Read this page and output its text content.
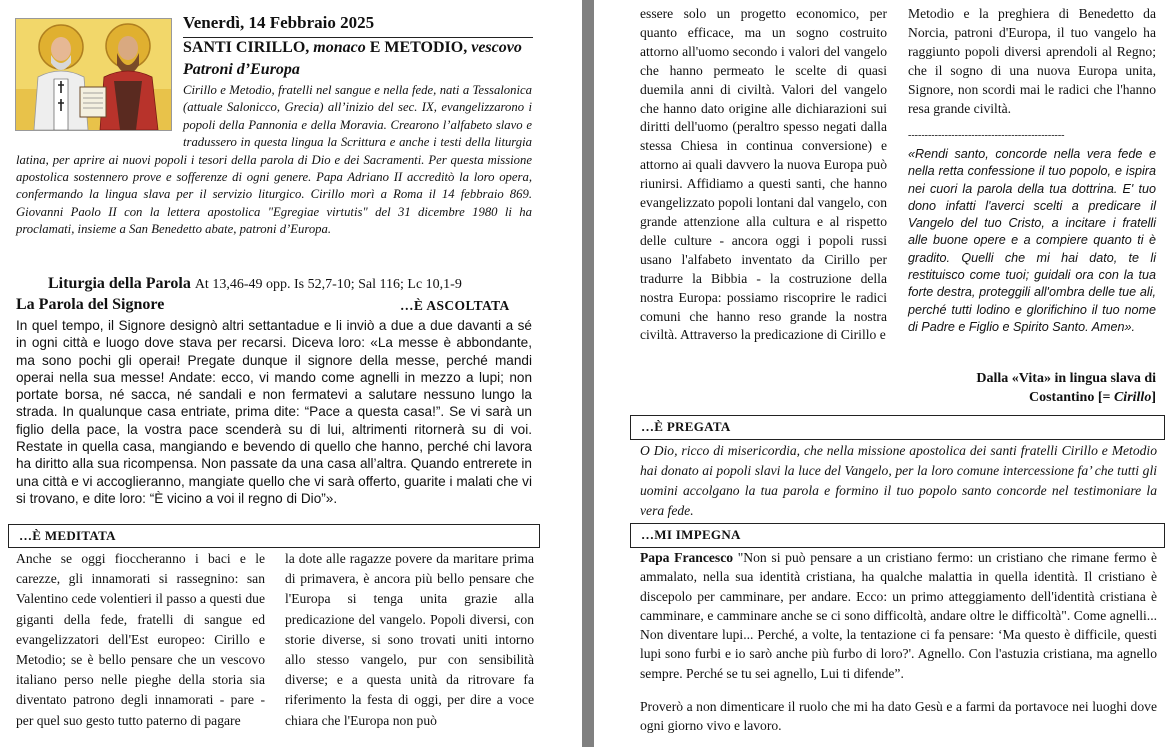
Venerdì, 14 Febbraio 2025
SANTI CIRILLO, monaco E METODIO, vescovo
Patroni d’Europa
Cirillo e Metodio, fratelli nel sangue e nella fede, nati a Tessalonica (attuale Salonicco, Grecia) all’inizio del sec. IX, evangelizzarono i popoli della Pannonia e della Moravia. Crearono l’alfabeto slavo e tradussero in questa lingua la Scrittura e anche i testi della liturgia latina, per aprire ai nuovi popoli i tesori della parola di Dio e dei Sacramenti. Per questa missione apostolica sostennero prove e sofferenze di ogni genere. Papa Adriano II accreditò la loro opera, confermando la lingua slava per il servizio liturgico. Cirillo morì a Roma il 14 febbraio 869. Giovanni Paolo II con la lettera apostolica "Egregiae virtutis" del 31 dicembre 1980 li ha proclamati, insieme a San Benedetto abate, patroni d’Europa.
Liturgia della Parola At 13,46-49 opp. Is 52,7-10; Sal 116; Lc 10,1-9
La Parola del Signore	…È ASCOLTATA
In quel tempo, il Signore designò altri settantadue e li inviò a due a due davanti a sé in ogni città e luogo dove stava per recarsi. Diceva loro: «La messe è abbondante, ma sono pochi gli operai! Pregate dunque il signore della messe, perché mandi operai nella sua messe! Andate: ecco, vi mando come agnelli in mezzo a lupi; non portate borsa, né sacca, né sandali e non fermatevi a salutare nessuno lungo la strada. In qualunque casa entriate, prima dite: “Pace a questa casa!”. Se vi sarà un figlio della pace, la vostra pace scenderà su di lui, altrimenti ritornerà su di voi. Restate in quella casa, mangiando e bevendo di quello che hanno, perché chi lavora ha diritto alla sua ricompensa. Non passate da una casa all’altra. Quando entrerete in una città e vi accoglieranno, mangiate quello che vi sarà offerto, guarite i malati che vi si trovano, e dite loro: “È vicino a voi il regno di Dio”».
…È MEDITATA
Anche se oggi fioccheranno i baci e le carezze, gli innamorati si rassegnino: san Valentino cede volentieri il passo a questi due giganti della fede, fratelli di sangue ed evangelizzatori dell'Est europeo: Cirillo e Metodio; se è bello pensare che un vescovo italiano perso nelle pieghe della storia sia diventato patrono degli innamorati - pare - per quel suo gesto tutto paterno di pagare
la dote alle ragazze povere da maritare prima di primavera, è ancora più bello pensare che l'Europa si tenga unita grazie alla predicazione del vangelo. Popoli diversi, con storie diverse, si sono trovati uniti intorno allo stesso vangelo, pur con sensibilità diverse; e a questa unità da ritrovare fa riferimento la festa di oggi, per dire a voce chiara che l'Europa non può
essere solo un progetto economico, per quanto efficace, ma un sogno costruito attorno all'uomo secondo i valori del vangelo che hanno permeato le scelte di quasi duemila anni di civiltà. Valori del vangelo che hanno dato origine alle dichiarazioni sui diritti dell'uomo (peraltro spesso negati dalla stessa Chiesa in continua conversione) e attorno ai quali davvero la nuova Europa può riunirsi. Affidiamo a questi santi, che hanno evangelizzato popoli lontani dal vangelo, con grande attenzione alla cultura e al rispetto delle culture - ancora oggi i popoli russi usano l'alfabeto inventato da Cirillo per tradurre la Bibbia - la costruzione della nostra Europa: possiamo riscoprire le radici comuni che hanno reso grande la nostra civiltà. Attraverso la predicazione di Cirillo e
Metodio e la preghiera di Benedetto da Norcia, patroni d'Europa, il tuo vangelo ha raggiunto popoli diversi aprendoli al Regno; che il sogno di una nuova Europa unita, Signore, non scordi mai le radici che l'hanno resa grande civiltà.
-----------------------------------------------
«Rendi santo, concorde nella vera fede e nella retta confessione il tuo popolo, e ispira nei cuori la parola della tua dottrina. E' tuo dono infatti l'averci scelti a predicare il Vangelo del tuo Cristo, a incitare i fratelli alle buone opere e a compiere quanto ti è gradito. Quelli che mi hai dato, te li restituisco come tuoi; guidali ora con la tua forte destra, proteggili all'ombra delle tue ali, perché tutti lodino e glorifichino il tuo nome di Padre e Figlio e Spirito Santo. Amen».
Dalla «Vita» in lingua slava di
Costantino [= Cirillo]
…È PREGATA
O Dio, ricco di misericordia, che nella missione apostolica dei santi fratelli Cirillo e Metodio hai donato ai popoli slavi la luce del Vangelo, per la loro comune intercessione fa’ che tutti gli uomini accolgano la tua parola e formino il tuo popolo santo concorde nel testimoniare la vera fede.
…MI IMPEGNA
Papa Francesco "Non si può pensare a un cristiano fermo: un cristiano che rimane fermo è ammalato, nella sua identità cristiana, ha qualche malattia in quella identità. Il cristiano è discepolo per camminare, per andare. Ecco: un primo atteggiamento dell'identità cristiana è camminare, e camminare anche se ci sono difficoltà, andare oltre le difficoltà". Come agnelli... Non diventare lupi... Perché, a volte, la tentazione ci fa pensare: ‘Ma questo è difficile, questi lupi sono furbi e io sarò anche più furbo di loro?'. Agnello. Con l'astuzia cristiana, ma agnello sempre. Perché se tu sei agnello, Lui ti difende”.
Proverò a non dimenticare il ruolo che mi ha dato Gesù e a farmi da portavoce nei luoghi dove ogni giorno vivo e lavoro.
